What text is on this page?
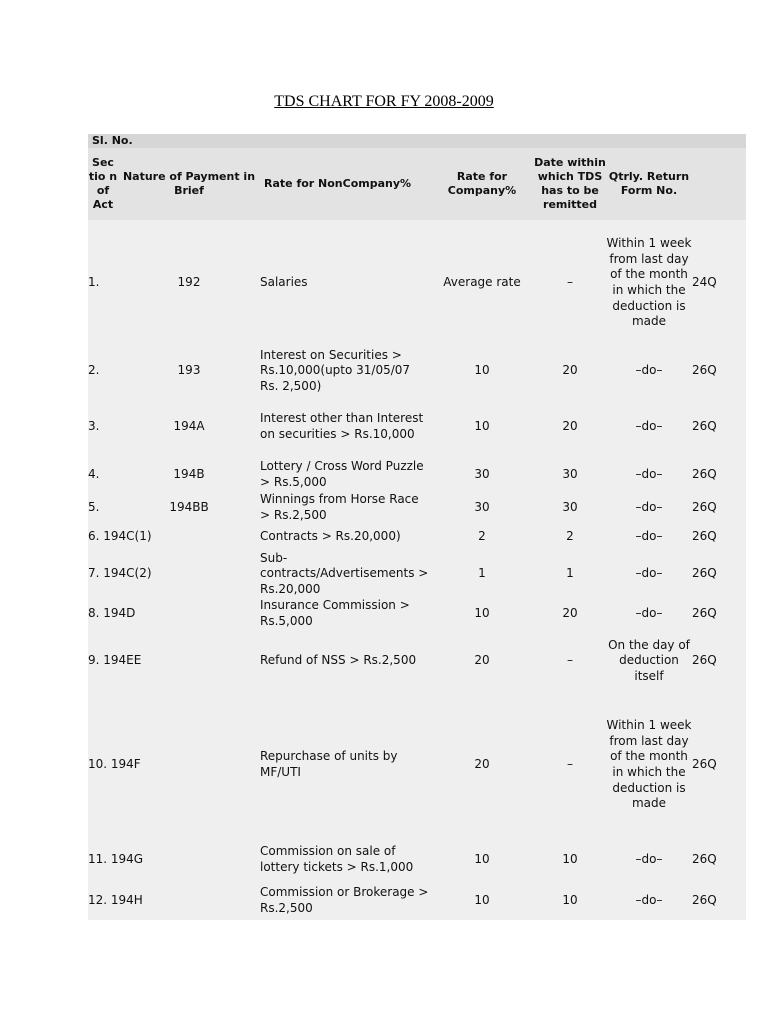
TDS CHART FOR FY 2008-2009
Sl. No.						
Sec tio n of Act	Nature of Payment in Brief	Rate for NonCompany%	Rate for Company%	Date within which TDS has to be remitted	Qtrly. Return Form No.	
1.	192	Salaries	Average rate	–	Within 1 week from last day of the month in which the deduction is made	24Q
2.	193	Interest on Securities > Rs.10,000(upto 31/05/07 Rs. 2,500)	10	20	–do–	26Q
3.	194A	Interest other than Interest on securities > Rs.10,000	10	20	–do–	26Q
4.	194B	Lottery / Cross Word Puzzle > Rs.5,000	30	30	–do–	26Q
5.	194BB	Winnings from Horse Race > Rs.2,500	30	30	–do–	26Q
6. 194C(1)		Contracts > Rs.20,000)	2	2	–do–	26Q
7. 194C(2)		Sub-contracts/Advertisements > Rs.20,000	1	1	–do–	26Q
8. 194D		Insurance Commission > Rs.5,000	10	20	–do–	26Q
9. 194EE		Refund of NSS > Rs.2,500	20	–	On the day of deduction itself	26Q
10. 194F		Repurchase of units by MF/UTI	20	–	Within 1 week from last day of the month in which the deduction is made	26Q
11. 194G		Commission on sale of lottery tickets > Rs.1,000	10	10	–do–	26Q
12. 194H		Commission or Brokerage > Rs.2,500	10	10	–do–	26Q
